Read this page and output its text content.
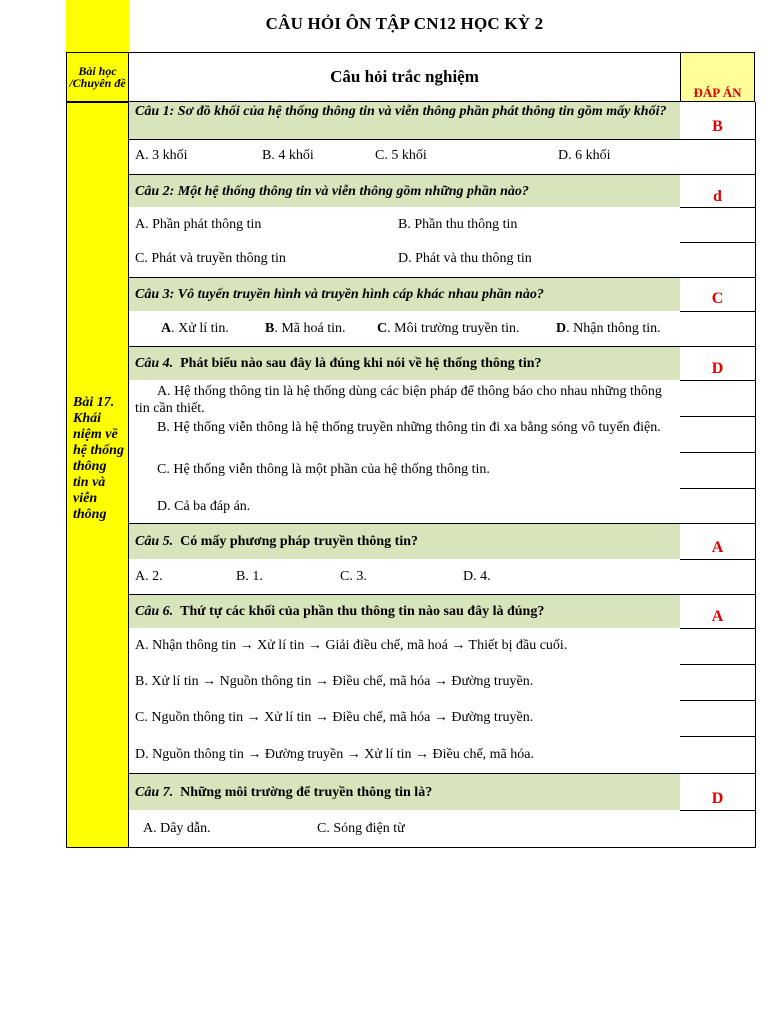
Bài học /Chuyên đề
Bài 17. Khái niệm về hệ thống thông tin và viễn thông
CÂU HỎI ÔN TẬP CN12 HỌC KỲ 2
Câu hỏi trắc nghiệm
ĐÁP ÁN
Câu 1: Sơ đồ khối của hệ thống thông tin và viễn thông phần phát thông tin gồm mấy khối?
A. 3 khối	B. 4 khối	C. 5 khối	D. 6 khối
B
Câu 2: Một hệ thống thông tin và viễn thông gồm những phần nào?
A. Phần phát thông tin	B. Phần thu thông tin
C. Phát và truyền thông tin	D. Phát và thu thông tin
d
Câu 3: Vô tuyến truyền hình và truyền hình cáp khác nhau phần nào?
A. Xử lí tin.	B. Mã hoá tin. C. Môi trường truyền tin.	D. Nhận thông tin.
C
Câu 4. Phát biểu nào sau đây là đúng khi nói về hệ thống thông tin?
A. Hệ thống thông tin là hệ thống dùng các biện pháp để thông báo cho nhau những thông tin cần thiết.
B. Hệ thống viễn thông là hệ thống truyền những thông tin đi xa bằng sóng vô tuyến điện.
C. Hệ thống viễn thông là một phần của hệ thống thông tin.
D. Cả ba đáp án.
D
Câu 5. Có mấy phương pháp truyền thông tin?
A. 2.	B. 1.	C. 3.	D. 4.
A
Câu 6. Thứ tự các khối của phần thu thông tin nào sau đây là đúng?
A. Nhận thông tin → Xử lí tin → Giải điều chế, mã hoá → Thiết bị đầu cuối.
B. Xử lí tin → Nguồn thông tin → Điều chế, mã hóa → Đường truyền.
C. Nguồn thông tin → Xử lí tin → Điều chế, mã hóa → Đường truyền.
D. Nguồn thông tin → Đường truyền → Xử lí tin → Điều chế, mã hóa.
A
Câu 7. Những môi trường để truyền thông tin là?
A. Dây dẫn.	C. Sóng điện từ
D
